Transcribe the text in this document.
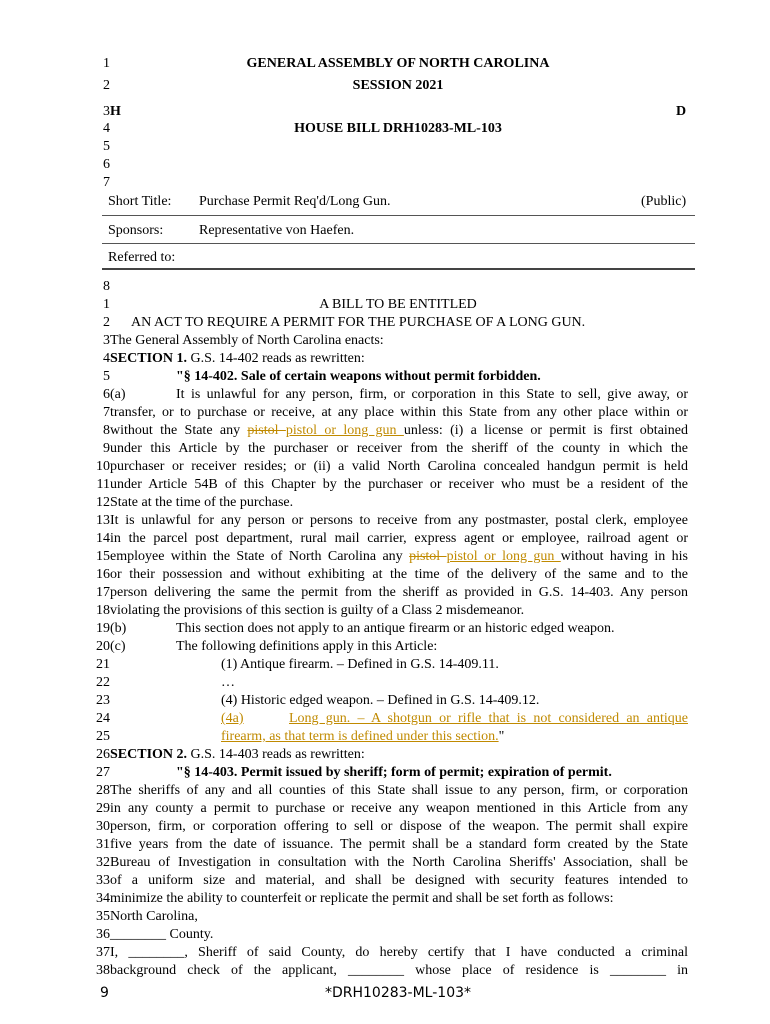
1	GENERAL ASSEMBLY OF NORTH CAROLINA
2	SESSION 2021
3 H	D
4	HOUSE BILL DRH10283-ML-103
5
6
7
Short Title: Purchase Permit Req'd/Long Gun.	(Public)
Sponsors:	Representative von Haefen.
Referred to:
8
1	A BILL TO BE ENTITLED
2 AN ACT TO REQUIRE A PERMIT FOR THE PURCHASE OF A LONG GUN.
3 The General Assembly of North Carolina enacts:
4 SECTION 1. G.S. 14-402 reads as rewritten:
5	"§ 14-402. Sale of certain weapons without permit forbidden.
6 (a)	It is unlawful for any person, firm, or corporation in this State to sell, give away, or
7 transfer, or to purchase or receive, at any place within this State from any other place within or
8 without the State any pistol pistol or long gun unless: (i) a license or permit is first obtained
9 under this Article by the purchaser or receiver from the sheriff of the county in which the
10 purchaser or receiver resides; or (ii) a valid North Carolina concealed handgun permit is held
11 under Article 54B of this Chapter by the purchaser or receiver who must be a resident of the
12 State at the time of the purchase.
13 It is unlawful for any person or persons to receive from any postmaster, postal clerk, employee
14 in the parcel post department, rural mail carrier, express agent or employee, railroad agent or
15 employee within the State of North Carolina any pistol pistol or long gun without having in his
16 or their possession and without exhibiting at the time of the delivery of the same and to the
17 person delivering the same the permit from the sheriff as provided in G.S. 14-403. Any person
18 violating the provisions of this section is guilty of a Class 2 misdemeanor.
19 (b)	This section does not apply to an antique firearm or an historic edged weapon.
20 (c)	The following definitions apply in this Article:
21	(1) Antique firearm. – Defined in G.S. 14-409.11.
22	…
23	(4) Historic edged weapon. – Defined in G.S. 14-409.12.
24	(4a)	Long gun. – A shotgun or rifle that is not considered an antique
25	firearm, as that term is defined under this section."
26 SECTION 2. G.S. 14-403 reads as rewritten:
27	"§ 14-403. Permit issued by sheriff; form of permit; expiration of permit.
28 The sheriffs of any and all counties of this State shall issue to any person, firm, or corporation
29 in any county a permit to purchase or receive any weapon mentioned in this Article from any
30 person, firm, or corporation offering to sell or dispose of the weapon. The permit shall expire
31 five years from the date of issuance. The permit shall be a standard form created by the State
32 Bureau of Investigation in consultation with the North Carolina Sheriffs' Association, shall be
33 of a uniform size and material, and shall be designed with security features intended to
34 minimize the ability to counterfeit or replicate the permit and shall be set forth as follows:
35 North Carolina,
36 ________ County.
37 I, ________, Sheriff of said County, do hereby certify that I have conducted a criminal
38 background check of the applicant, ________ whose place of residence is ________ in
9	*DRH10283-ML-103*
